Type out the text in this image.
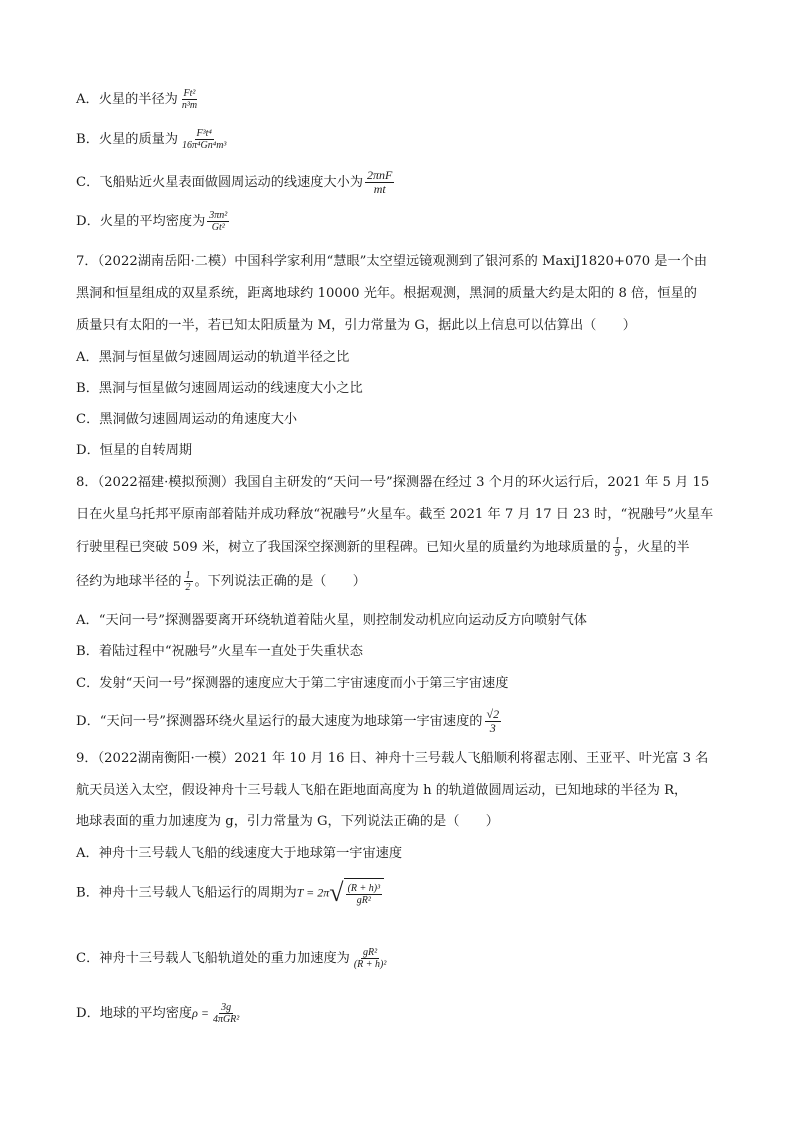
A．火星的半径为 $\frac{\text{Ft²}}{\text{n³m}}$
B．火星的质量为 $\frac{\text{F³t⁴}}{\text{16π⁴Gn⁴m³}}$
C．飞船贴近火星表面做圆周运动的线速度大小为 $\frac{\text{2πnF}}{mt}$
D．火星的平均密度为 $\frac{\text{3πn²}}{\text{Gt²}}$
7．（2022湖南岳阳·二模）中国科学家利用“慧眼”太空望远镜观测到了银河系的 MaxiJ1820+070 是一个由
黑洞和恒星组成的双星系统，距离地球约 10000 光年。根据观测，黑洞的质量大约是太阳的 8 倍，恒星的
质量只有太阳的一半，若已知太阳质量为 M，引力常量为 G，据此以上信息可以估算出（　　）
A．黑洞与恒星做匀速圆周运动的轨道半径之比
B．黑洞与恒星做匀速圆周运动的线速度大小之比
C．黑洞做匀速圆周运动的角速度大小
D．恒星的自转周期
8．（2022福建·模拟预测）我国自主研发的“天问一号”探测器在经过 3 个月的环火运行后，2021 年 5 月 15
日在火星乌托邦平原南部着陆并成功释放“祝融号”火星车。截至 2021 年 7 月 17 日 23 时，“祝融号”火星车
行驶里程已突破 509 米，树立了我国深空探测新的里程碑。已知火星的质量约为地球质量的 $\frac{1}{9}$ ，火星的半
径约为地球半径的 $\frac{1}{2}$ 。下列说法正确的是（　　）
A．“天问一号”探测器要离开环绕轨道着陆火星，则控制发动机应向运动反方向喷射气体
B．着陆过程中“祝融号”火星车一直处于失重状态
C．发射“天问一号”探测器的速度应大于第二宇宙速度而小于第三宇宙速度
D．“天问一号”探测器环绕火星运行的最大速度为地球第一宇宙速度的 $\frac{√2}{3}$
9．（2022湖南衡阳·一模）2021 年 10 月 16 日、神舟十三号载人飞船顺利将翟志刚、王亚平、叶光富 3 名
航天员送入太空，假设神舟十三号载人飞船在距地面高度为 h 的轨道做圆周运动，已知地球的半径为 R，
地球表面的重力加速度为 g，引力常量为 G，下列说法正确的是（　　）
A．神舟十三号载人飞船的线速度大于地球第一宇宙速度
B．神舟十三号载人飞船运行的周期为T = 2π √ $\frac{\text{(R + h)³}}{\text{gR²}}$
C．神舟十三号载人飞船轨道处的重力加速度为 $\frac{\text{gR²}}{\text{(R + h)²}}$
D．地球的平均密度$\rho = \frac{3g}{\text{4πGR²}}$
